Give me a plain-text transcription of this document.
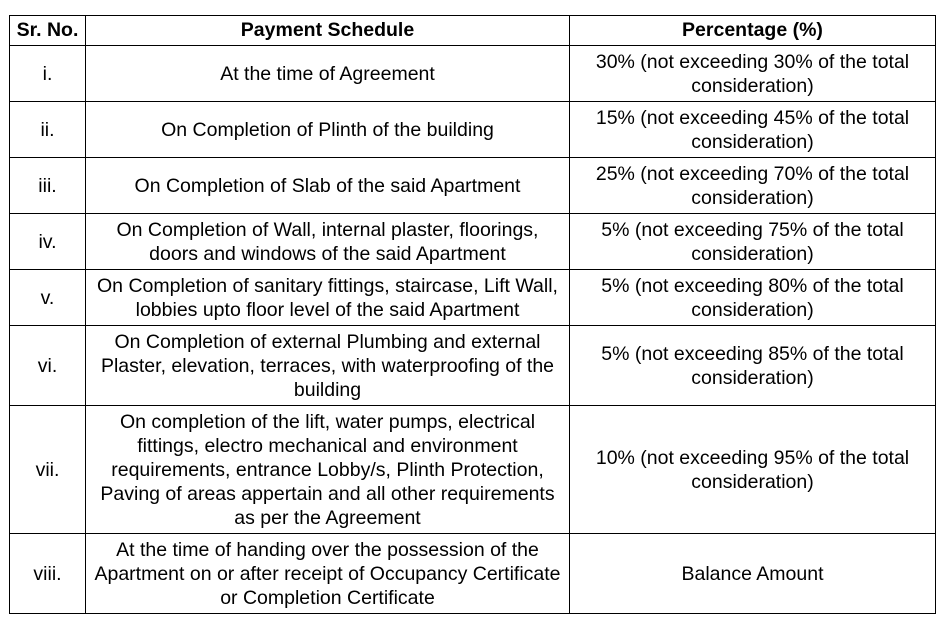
Sr. No.	Payment Schedule	Percentage (%)
i.	At the time of Agreement	30% (not exceeding 30% of the total consideration)
ii.	On Completion of Plinth of the building	15% (not exceeding 45% of the total consideration)
iii.	On Completion of Slab of the said Apartment	25% (not exceeding 70% of the total consideration)
iv.	On Completion of Wall, internal plaster, floorings, doors and windows of the said Apartment	5% (not exceeding 75% of the total consideration)
v.	On Completion of sanitary fittings, staircase, Lift Wall, lobbies upto floor level of the said Apartment	5% (not exceeding 80% of the total consideration)
vi.	On Completion of external Plumbing and external Plaster, elevation, terraces, with waterproofing of the building	5% (not exceeding 85% of the total consideration)
vii.	On completion of the lift, water pumps, electrical fittings, electro mechanical and environment requirements, entrance Lobby/s, Plinth Protection, Paving of areas appertain and all other requirements as per the Agreement	10% (not exceeding 95% of the total consideration)
viii.	At the time of handing over the possession of the Apartment on or after receipt of Occupancy Certificate or Completion Certificate	Balance Amount
